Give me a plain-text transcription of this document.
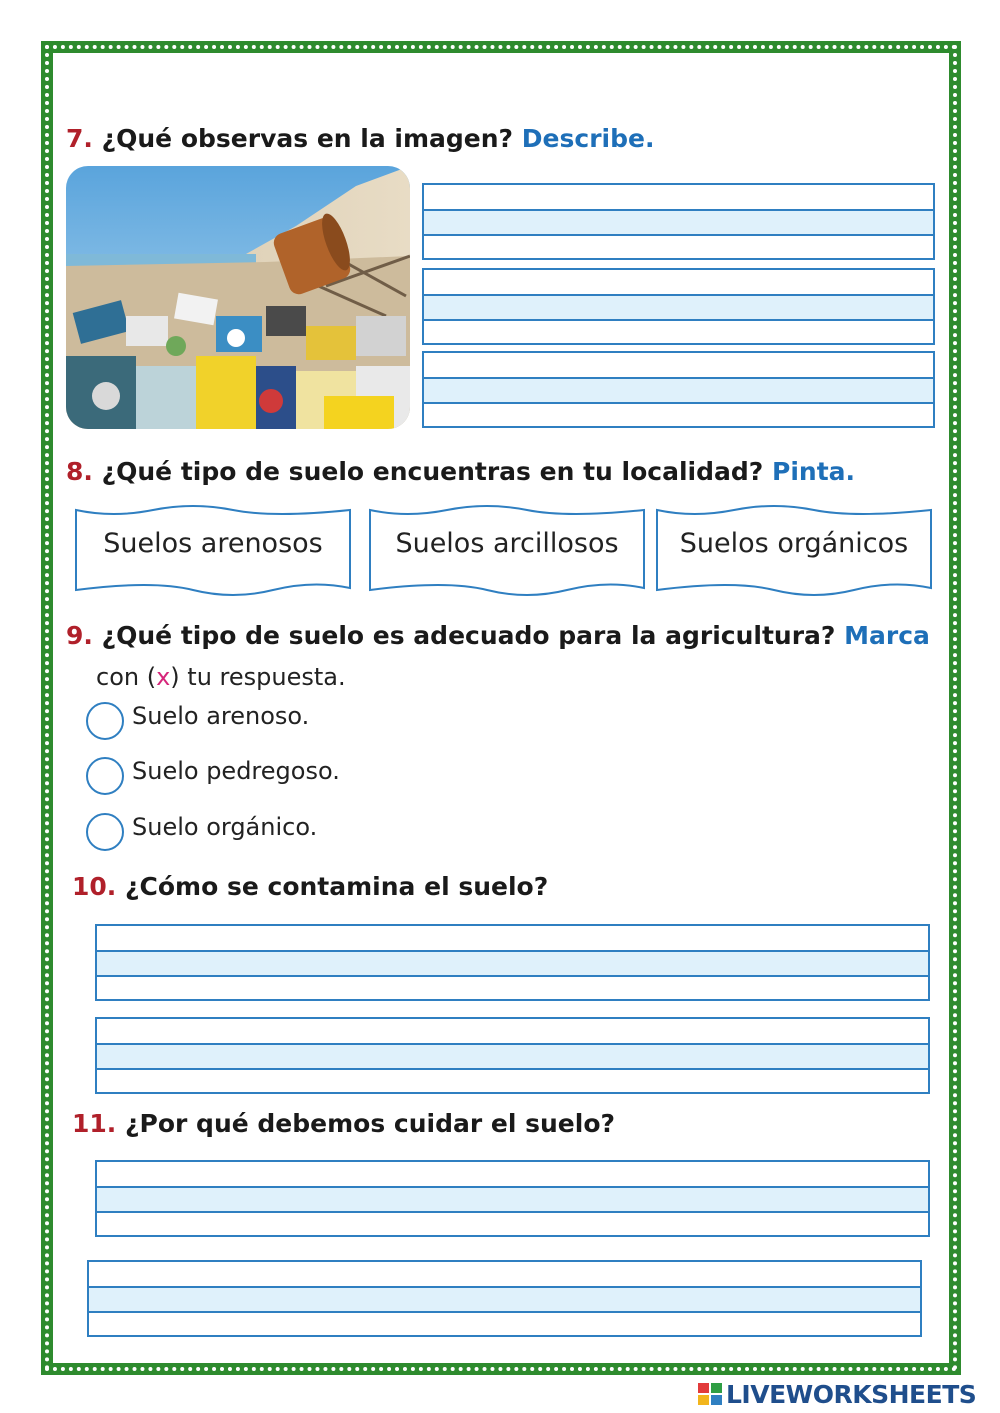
7. ¿Qué observas en la imagen? Describe.
8. ¿Qué tipo de suelo encuentras en tu localidad? Pinta.
Suelos arenosos	Suelos arcillosos	Suelos orgánicos
9. ¿Qué tipo de suelo es adecuado para la agricultura? Marca
con (x) tu respuesta.
Suelo arenoso.
Suelo pedregoso.
Suelo orgánico.
10. ¿Cómo se contamina el suelo?
11. ¿Por qué debemos cuidar el suelo?
LIVEWORKSHEETS
